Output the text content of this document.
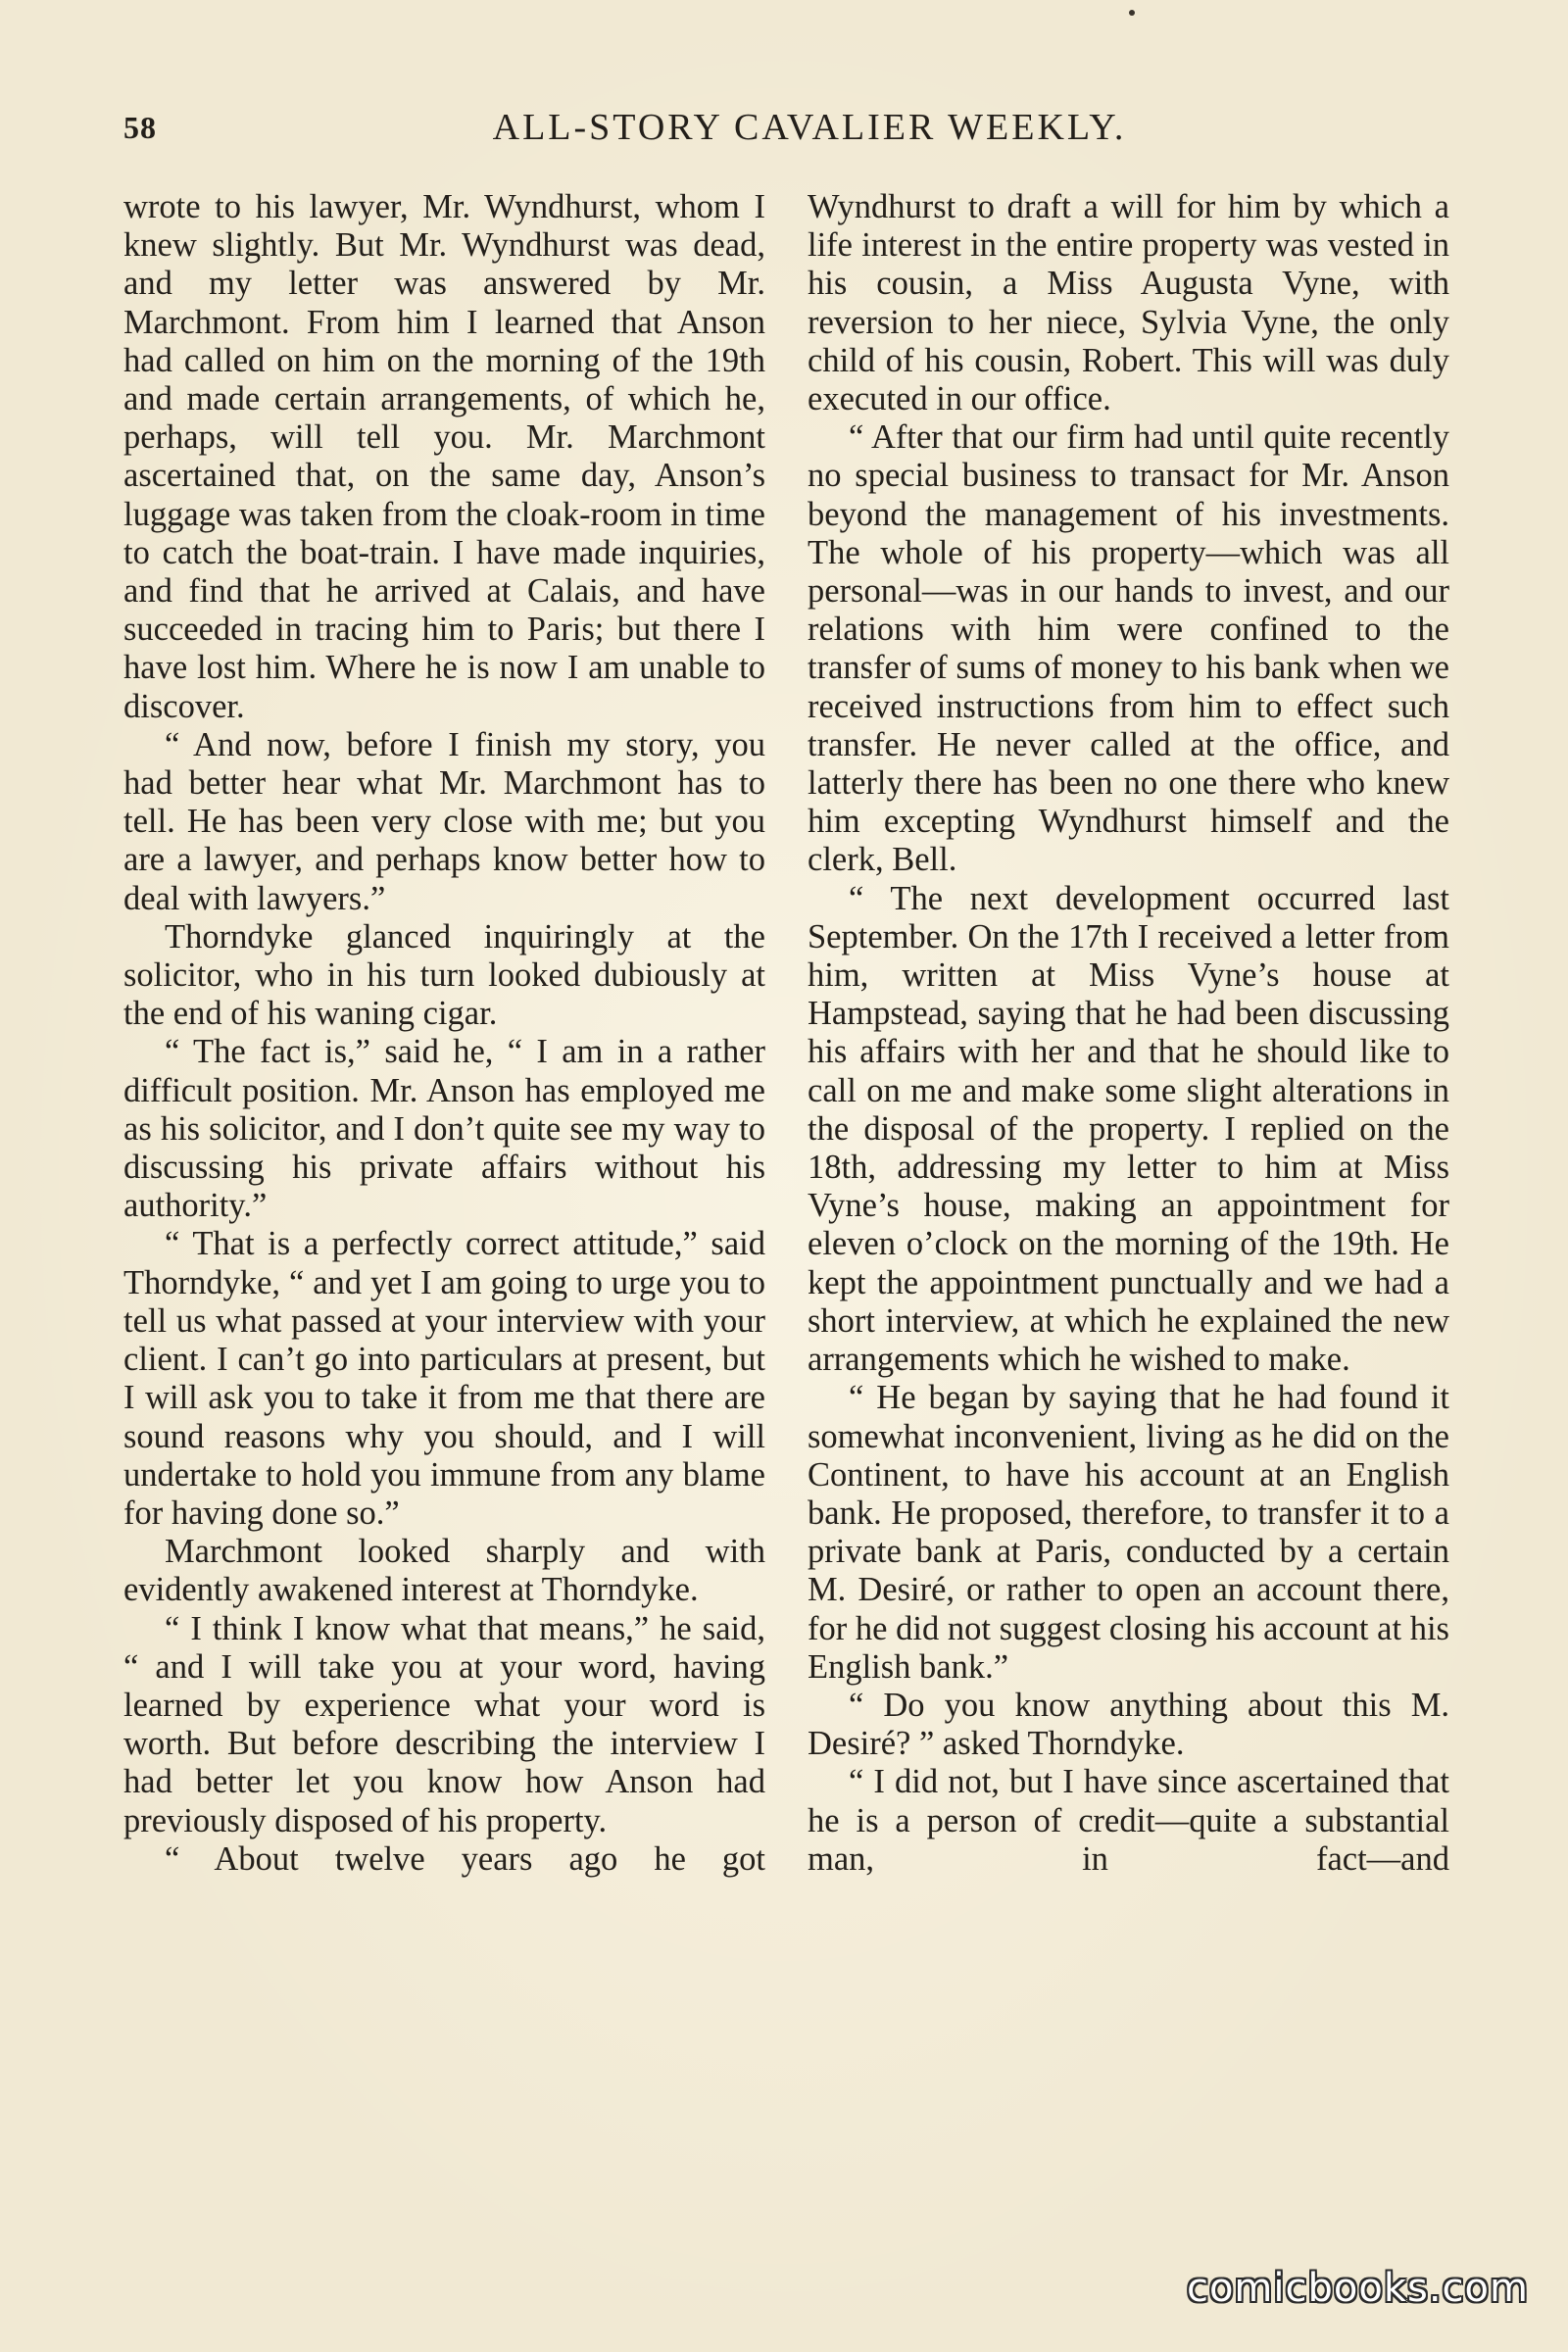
58	ALL-STORY CAVALIER WEEKLY.

wrote to his lawyer, Mr. Wyndhurst, whom I knew slightly. But Mr. Wyndhurst was dead, and my letter was answered by Mr. Marchmont. From him I learned that Anson had called on him on the morning of the 19th and made certain arrangements, of which he, perhaps, will tell you. Mr. Marchmont ascertained that, on the same day, Anson’s luggage was taken from the cloak-room in time to catch the boat-train. I have made inquiries, and find that he arrived at Calais, and have succeeded in tracing him to Paris; but there I have lost him. Where he is now I am unable to discover.

“ And now, before I finish my story, you had better hear what Mr. Marchmont has to tell. He has been very close with me; but you are a lawyer, and perhaps know better how to deal with lawyers.”

Thorndyke glanced inquiringly at the solicitor, who in his turn looked dubiously at the end of his waning cigar.

“ The fact is,” said he, “ I am in a rather difficult position. Mr. Anson has employed me as his solicitor, and I don’t quite see my way to discussing his private affairs without his authority.”

“ That is a perfectly correct attitude,” said Thorndyke, “ and yet I am going to urge you to tell us what passed at your interview with your client. I can’t go into particulars at present, but I will ask you to take it from me that there are sound reasons why you should, and I will undertake to hold you immune from any blame for having done so.”

Marchmont looked sharply and with evidently awakened interest at Thorndyke.

“ I think I know what that means,” he said, “ and I will take you at your word, having learned by experience what your word is worth. But before describing the interview I had better let you know how Anson had previously disposed of his property.

“ About twelve years ago he got

Wyndhurst to draft a will for him by which a life interest in the entire property was vested in his cousin, a Miss Augusta Vyne, with reversion to her niece, Sylvia Vyne, the only child of his cousin, Robert. This will was duly executed in our office.

“ After that our firm had until quite recently no special business to transact for Mr. Anson beyond the management of his investments. The whole of his property—which was all personal—was in our hands to invest, and our relations with him were confined to the transfer of sums of money to his bank when we received instructions from him to effect such transfer. He never called at the office, and latterly there has been no one there who knew him excepting Wyndhurst himself and the clerk, Bell.

“ The next development occurred last September. On the 17th I received a letter from him, written at Miss Vyne’s house at Hampstead, saying that he had been discussing his affairs with her and that he should like to call on me and make some slight alterations in the disposal of the property. I replied on the 18th, addressing my letter to him at Miss Vyne’s house, making an appointment for eleven o’clock on the morning of the 19th. He kept the appointment punctually and we had a short interview, at which he explained the new arrangements which he wished to make.

“ He began by saying that he had found it somewhat inconvenient, living as he did on the Continent, to have his account at an English bank. He proposed, therefore, to transfer it to a private bank at Paris, conducted by a certain M. Desiré, or rather to open an account there, for he did not suggest closing his account at his English bank.”

“ Do you know anything about this M. Desiré? ” asked Thorndyke.

“ I did not, but I have since ascertained that he is a person of credit—quite a substantial man, in fact—and

comicbooks.com
